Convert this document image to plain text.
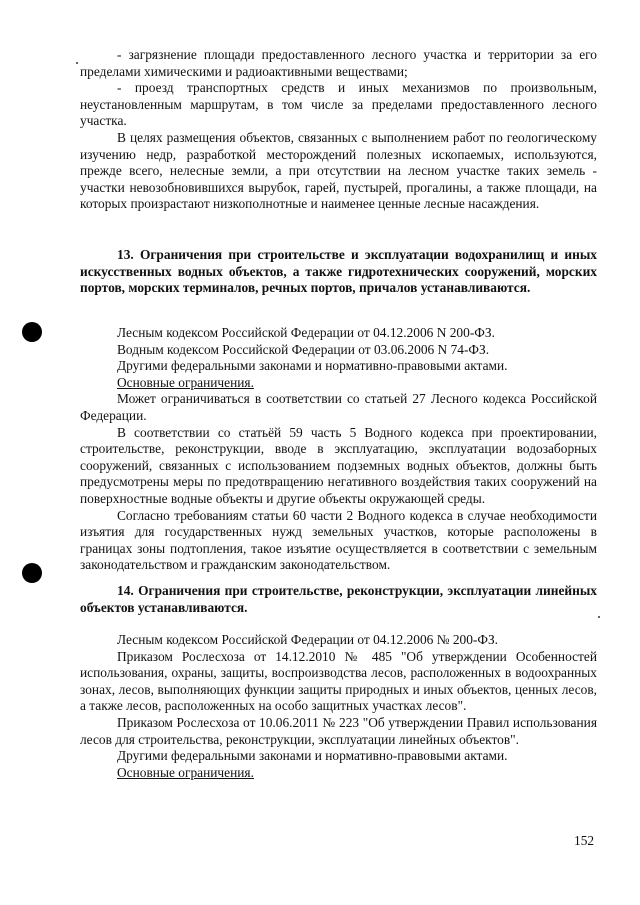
- загрязнение площади предоставленного лесного участка и территории за его пределами химическими и радиоактивными веществами;

- проезд транспортных средств и иных механизмов по произвольным, неустановленным маршрутам, в том числе за пределами предоставленного лесного участка.

В целях размещения объектов, связанных с выполнением работ по геологическому изучению недр, разработкой месторождений полезных ископаемых, используются, прежде всего, нелесные земли, а при отсутствии на лесном участке таких земель - участки невозобновившихся вырубок, гарей, пустырей, прогалины, а также площади, на которых произрастают низкополнотные и наименее ценные лесные насаждения.

13. Ограничения при строительстве и эксплуатации водохранилищ и иных искусственных водных объектов, а также гидротехнических сооружений, морских портов, морских терминалов, речных портов, причалов устанавливаются.

Лесным кодексом Российской Федерации от 04.12.2006 N 200-ФЗ.

Водным кодексом Российской Федерации от 03.06.2006 N 74-ФЗ.

Другими федеральными законами и нормативно-правовыми актами.

Основные ограничения.

Может ограничиваться в соответствии со статьей 27 Лесного кодекса Российской Федерации.

В соответствии со статьёй 59 часть 5 Водного кодекса при проектировании, строительстве, реконструкции, вводе в эксплуатацию, эксплуатации водозаборных сооружений, связанных с использованием подземных водных объектов, должны быть предусмотрены меры по предотвращению негативного воздействия таких сооружений на поверхностные водные объекты и другие объекты окружающей среды.

Согласно требованиям статьи 60 части 2 Водного кодекса в случае необходимости изъятия для государственных нужд земельных участков, которые расположены в границах зоны подтопления, такое изъятие осуществляется в соответствии с земельным законодательством и гражданским законодательством.

14. Ограничения при строительстве, реконструкции, эксплуатации линейных объектов устанавливаются.

Лесным кодексом Российской Федерации от 04.12.2006 № 200-ФЗ.

Приказом Рослесхоза от 14.12.2010 № 485 "Об утверждении Особенностей использования, охраны, защиты, воспроизводства лесов, расположенных в водоохранных зонах, лесов, выполняющих функции защиты природных и иных объектов, ценных лесов, а также лесов, расположенных на особо защитных участках лесов".

Приказом Рослесхоза от 10.06.2011 № 223 "Об утверждении Правил использования лесов для строительства, реконструкции, эксплуатации линейных объектов".

Другими федеральными законами и нормативно-правовыми актами.

Основные ограничения.

152
